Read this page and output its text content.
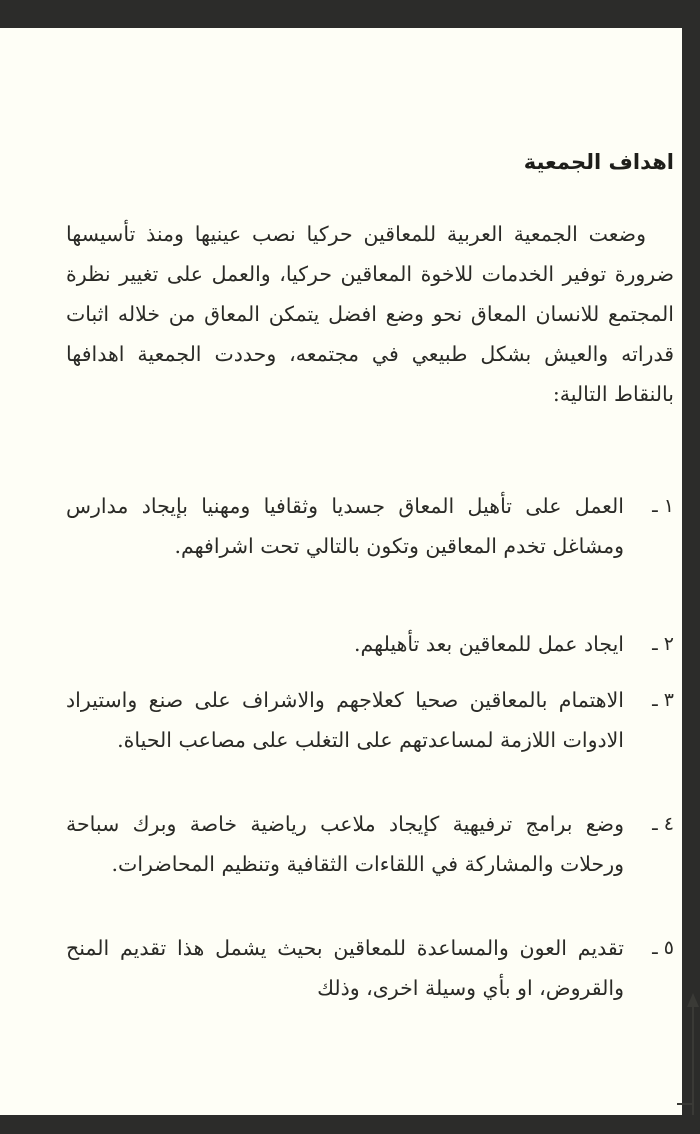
اهداف الجمعية

وضعت الجمعية العربية للمعاقين حركيا نصب عينيها ومنذ تأسيسها ضرورة توفير الخدمات للاخوة المعاقين حركيا، والعمل على تغيير نظرة المجتمع للانسان المعاق نحو وضع افضل يتمكن المعاق من خلاله اثبات قدراته والعيش بشكل طبيعي في مجتمعه، وحددت الجمعية اهدافها بالنقاط التالية:

١ ـ
العمل على تأهيل المعاق جسديا وثقافيا ومهنيا بإيجاد مدارس ومشاغل تخدم المعاقين وتكون بالتالي تحت اشرافهم.
٢ ـ
ايجاد عمل للمعاقين بعد تأهيلهم.
٣ ـ
الاهتمام بالمعاقين صحيا كعلاجهم والاشراف على صنع واستيراد الادوات اللازمة لمساعدتهم على التغلب على مصاعب الحياة.
٤ ـ
وضع برامج ترفيهية كإيجاد ملاعب رياضية خاصة وبرك سباحة ورحلات والمشاركة في اللقاءات الثقافية وتنظيم المحاضرات.
٥ ـ
تقديم العون والمساعدة للمعاقين بحيث يشمل هذا تقديم المنح والقروض، او بأي وسيلة اخرى، وذلك
